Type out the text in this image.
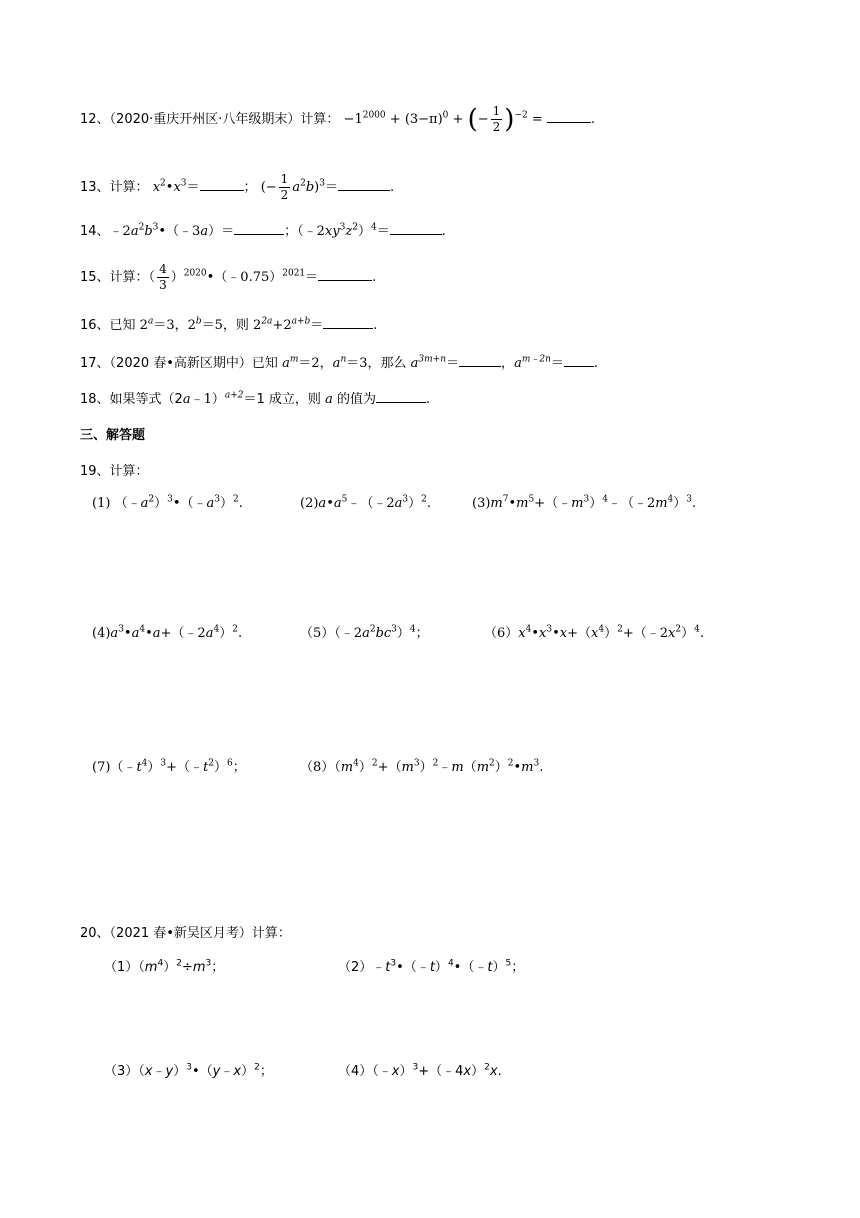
12、（2020·重庆开州区·八年级期末）计算： $-1^{2000} + (3-\pi)^0$ + (− $\frac{1}{2} )^{-2}$ =	.
13、计算： $x^2•x^3=$	； (− $\frac{1}{2} a^2b)^3=$	.
14、$﹣2a^2b^3•(﹣3a)=$	；$(﹣2xy^3z^2)^4=$	.
15、计算：（ $\frac{4}{3}$ ）$^{2020}$•（﹣0.75）$^{2021}$＝	.
16、已知 $2^a=3$，$2^b=5$，则 $2^{2a}+2^{a+b}=$	.
17、（2020 春•高新区期中）已知 $a^m=2$，$a^n=3$，那么 $a^{3m+n}=$	，$a^{m﹣2n}=$ .
18、如果等式（2a﹣1）$^{a+2}$＝1 成立，则 a 的值为	.
三、解答题
19、计算：
(1) $(﹣a^2)^3•(﹣a^3)^2$.	$(2)a•a^5﹣(﹣2a^3)^2$.	$(3)m^7•m^5+(﹣m^3)^4﹣(﹣2m^4)^3$.
$(4)a^3•a^4•a+(﹣2a^4)^2$.	$(5)(﹣2a^2bc^3)^4$；	$(6)x^4•x^3•x+(x^4)^2+(﹣2x^2)^4$.
$(7)(﹣t^4)^3+(﹣t^2)^6$；	$(8)(m^4)^2+(m^3)^2﹣m(m^2)^2•m^3$.
20、（2021 春•新吴区月考）计算：
$(1)(m^4)^2\div m^3$；	$(2)﹣t^3•(﹣t)^4•(﹣t)^5$；
（3）（x﹣y）$^3$•（y﹣x）$^2$；	（4）（﹣x）$^3$+（﹣4x）$^2$x.
